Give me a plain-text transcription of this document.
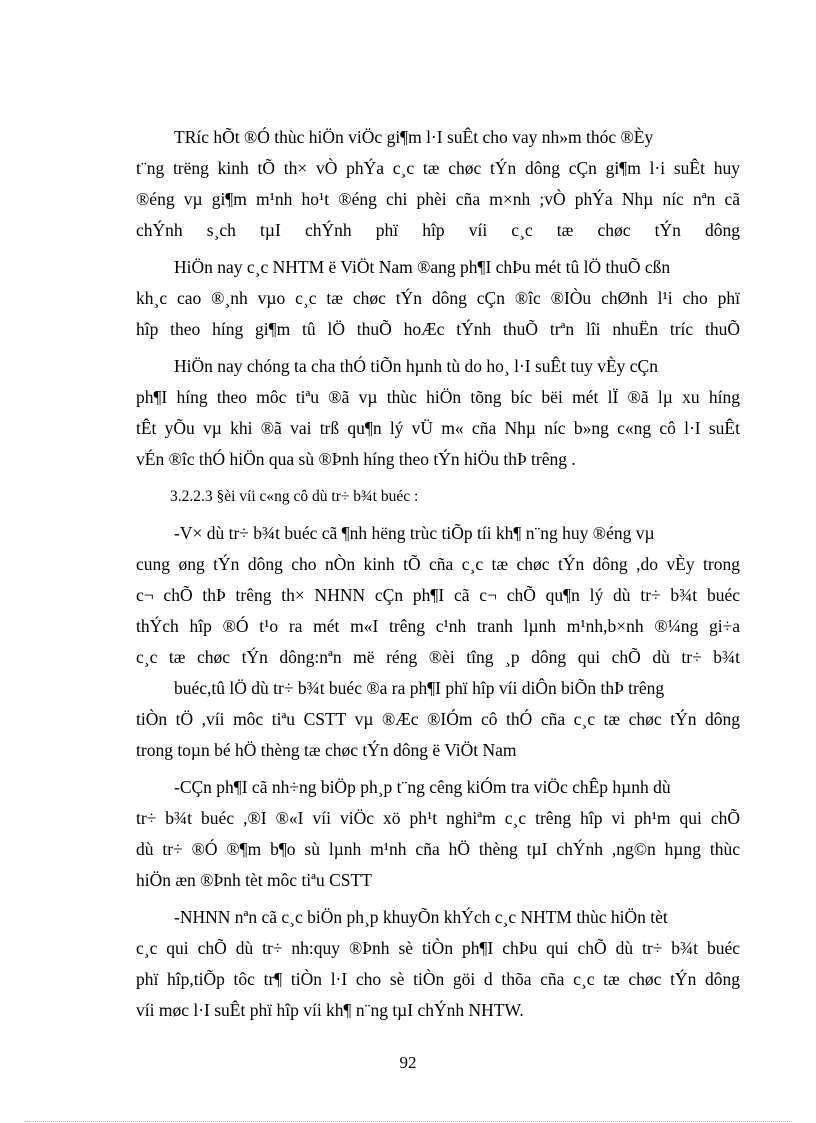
TRíc hÕt ®Ó thùc hiÖn viÖc gi¶m l·I suÊt cho vay nh»m thóc ®Èy
t¨ng trëng kinh tÕ th× vÒ phÝa c¸c tæ chøc tÝn dông cÇn gi¶m l·i suÊt huy
®éng vµ gi¶m m¹nh ho¹t ®éng chi phèi cña m×nh ;vÒ phÝa Nhµ níc nªn cã
chÝnh s¸ch tµI chÝnh phï hîp víi c¸c tæ chøc tÝn dông
HiÖn nay c¸c NHTM ë ViÖt Nam ®ang ph¶I chÞu mét tû lÖ thuÕ cßn
kh¸c cao ®¸nh vµo c¸c tæ chøc tÝn dông cÇn ®îc ®IÒu chØnh l¹i cho phï
hîp theo híng gi¶m tû lÖ thuÕ hoÆc tÝnh thuÕ trªn lîi nhuËn tríc thuÕ
HiÖn nay chóng ta cha thÓ tiÕn hµnh tù do ho¸ l·I suÊt tuy vÈy cÇn
ph¶I híng theo môc tiªu ®ã vµ thùc hiÖn tõng bíc bëi mét lÏ ®ã lµ xu híng
tÊt yÕu vµ khi ®ã vai trß qu¶n lý vÜ m« cña Nhµ níc b»ng c«ng cô l·I suÊt
vÉn ®îc thÓ hiÖn qua sù ®Þnh híng theo tÝn hiÖu thÞ trêng .
3.2.2.3 §èi víi c«ng cô dù tr÷ b¾t buéc :
-V× dù tr÷ b¾t buéc cã ¶nh hëng trùc tiÕp tíi kh¶ n¨ng huy ®éng vµ
cung øng tÝn dông cho nÒn kinh tÕ cña c¸c tæ chøc tÝn dông ,do vÈy trong
c¬ chÕ thÞ trêng th× NHNN cÇn ph¶I cã c¬ chÕ qu¶n lý dù tr÷ b¾t buéc
thÝch hîp ®Ó t¹o ra mét m«I trêng c¹nh tranh lµnh m¹nh,b×nh ®¼ng gi÷a
c¸c tæ chøc tÝn dông:nªn më réng ®èi tîng ¸p dông qui chÕ dù tr÷ b¾t
buéc,tû lÖ dù tr÷ b¾t buéc ®a ra ph¶I phï hîp víi diÔn biÕn thÞ trêng
tiÒn tÖ ,víi môc tiªu CSTT vµ ®Æc ®IÓm cô thÓ cña c¸c tæ chøc tÝn dông
trong toµn bé hÖ thèng tæ chøc tÝn dông ë ViÖt Nam
-CÇn ph¶I cã nh÷ng biÖp ph¸p t¨ng cêng kiÓm tra viÖc chÊp hµnh dù
tr÷ b¾t buéc ,®I ®«I víi viÖc xö ph¹t nghiªm c¸c trêng hîp vi ph¹m qui chÕ
dù tr÷ ®Ó ®¶m b¶o sù lµnh m¹nh cña hÖ thèng tµI chÝnh ,ng©n hµng thùc
hiÖn æn ®Þnh tèt môc tiªu CSTT
-NHNN nªn cã c¸c biÖn ph¸p khuyÕn khÝch c¸c NHTM thùc hiÖn tèt
c¸c qui chÕ dù tr÷ nh:quy ®Þnh sè tiÒn ph¶I chÞu qui chÕ dù tr÷ b¾t buéc
phï hîp,tiÕp tôc tr¶ tiÒn l·I cho sè tiÒn göi d thõa cña c¸c tæ chøc tÝn dông
víi møc l·I suÊt phï hîp víi kh¶ n¨ng tµI chÝnh NHTW.
92
